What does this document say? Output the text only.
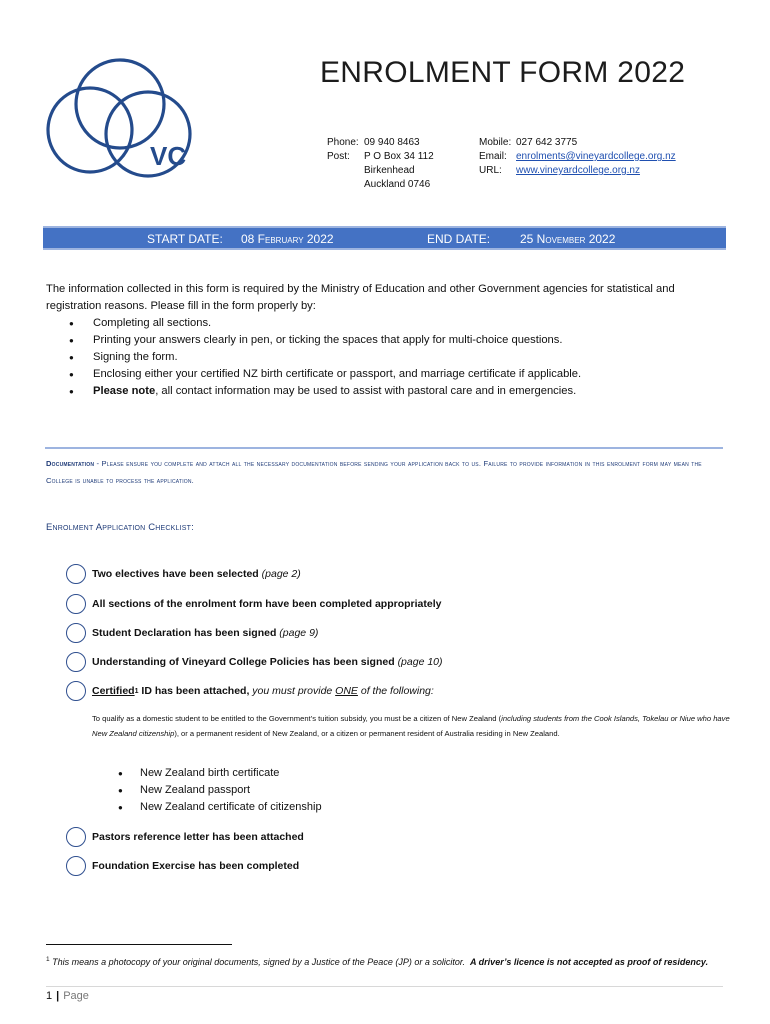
VC
ENROLMENT FORM 2022
Phone: 09 940 8463
Post: P O Box 34 112
Birkenhead
Auckland 0746
Mobile: 027 642 3775
Email: enrolments@vineyardcollege.org.nz
URL: www.vineyardcollege.org.nz
START DATE: 08 February 2022	END DATE: 25 November 2022
The information collected in this form is required by the Ministry of Education and other Government agencies for statistical and registration reasons. Please fill in the form properly by:
● Completing all sections.
● Printing your answers clearly in pen, or ticking the spaces that apply for multi-choice questions.
● Signing the form.
● Enclosing either your certified NZ birth certificate or passport, and marriage certificate if applicable.
● Please note, all contact information may be used to assist with pastoral care and in emergencies.
Documentation - Please ensure you complete and attach all the necessary documentation before sending your application back to us. Failure to provide information in this enrolment form may mean the College is unable to process the application.
Enrolment Application Checklist:
Two electives have been selected
(page 2)
All sections of the enrolment form have been completed appropriately
Student Declaration has been signed
(page 9)
Understanding of Vineyard College Policies has been signed
(page 10)
Certified 1 ID has been attached, you must provide ONE of the following:
To qualify as a domestic student to be entitled to the Government’s tuition subsidy, you must be a citizen of New Zealand (including students from the Cook Islands, Tokelau or Niue who have New Zealand citizenship), or a permanent resident of New Zealand, or a citizen or permanent resident of Australia residing in New Zealand.
● New Zealand birth certificate
● New Zealand passport
● New Zealand certificate of citizenship
Pastors reference letter has been attached
Foundation Exercise has been completed
$^1$ This means a photocopy of your original documents, signed by a Justice of the Peace (JP) or a solicitor.  A driver’s licence is not accepted as proof of residency.
1 | Page
